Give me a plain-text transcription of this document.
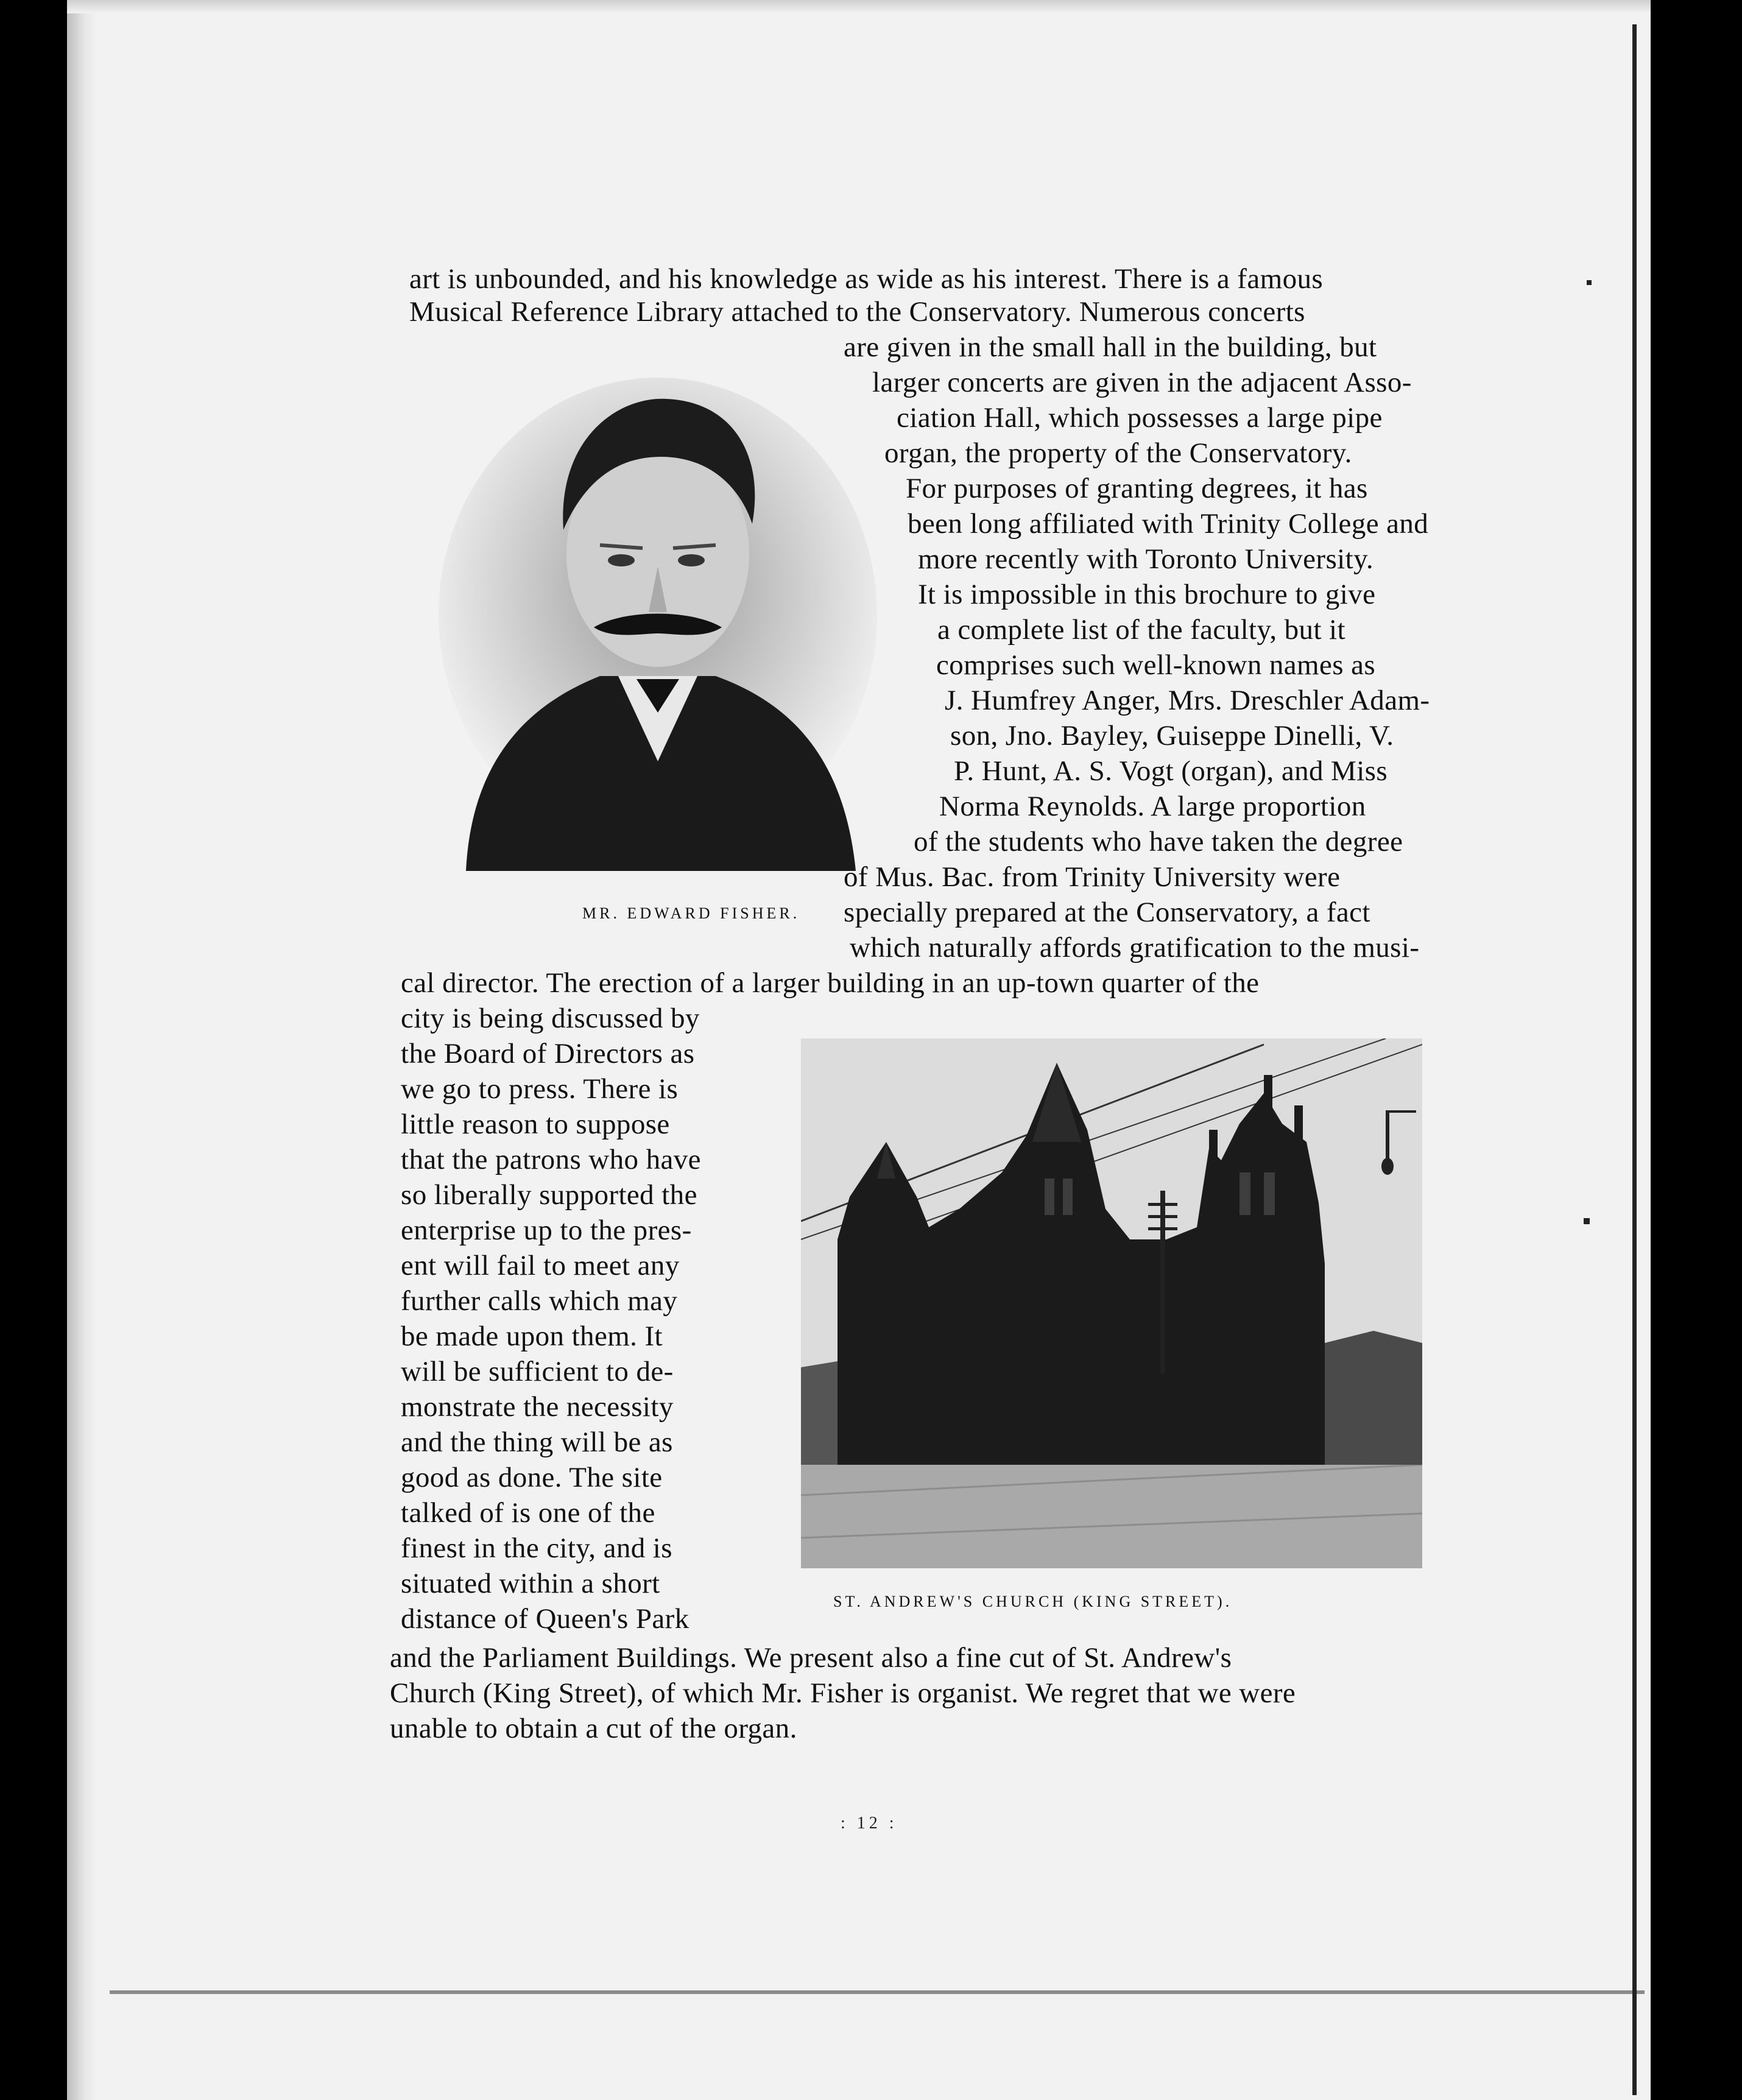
art is unbounded, and his knowledge as wide as his interest. There is a famous
Musical Reference Library attached to the Conservatory. Numerous concerts
MR. EDWARD FISHER.
are given in the small hall in the building, but
larger concerts are given in the adjacent Asso-
ciation Hall, which possesses a large pipe
organ, the property of the Conservatory.
For purposes of granting degrees, it has
been long affiliated with Trinity College and
more recently with Toronto University.
It is impossible in this brochure to give
a complete list of the faculty, but it
comprises such well-known names as
J. Humfrey Anger, Mrs. Dreschler Adam-
son, Jno. Bayley, Guiseppe Dinelli, V.
P. Hunt, A. S. Vogt (organ), and Miss
Norma Reynolds. A large proportion
of the students who have taken the degree
of Mus. Bac. from Trinity University were
specially prepared at the Conservatory, a fact
which naturally affords gratification to the musi-
cal director. The erection of a larger building in an up-town quarter of the
city is being discussed by
the Board of Directors as
we go to press. There is
little reason to suppose
that the patrons who have
so liberally supported the
enterprise up to the pres-
ent will fail to meet any
further calls which may
be made upon them. It
will be sufficient to de-
monstrate the necessity
and the thing will be as
good as done. The site
talked of is one of the
finest in the city, and is
situated within a short
distance of Queen's Park
ST. ANDREW'S CHURCH (KING STREET).
and the Parliament Buildings. We present also a fine cut of St. Andrew's
Church (King Street), of which Mr. Fisher is organist. We regret that we were
unable to obtain a cut of the organ.
: 12 :
